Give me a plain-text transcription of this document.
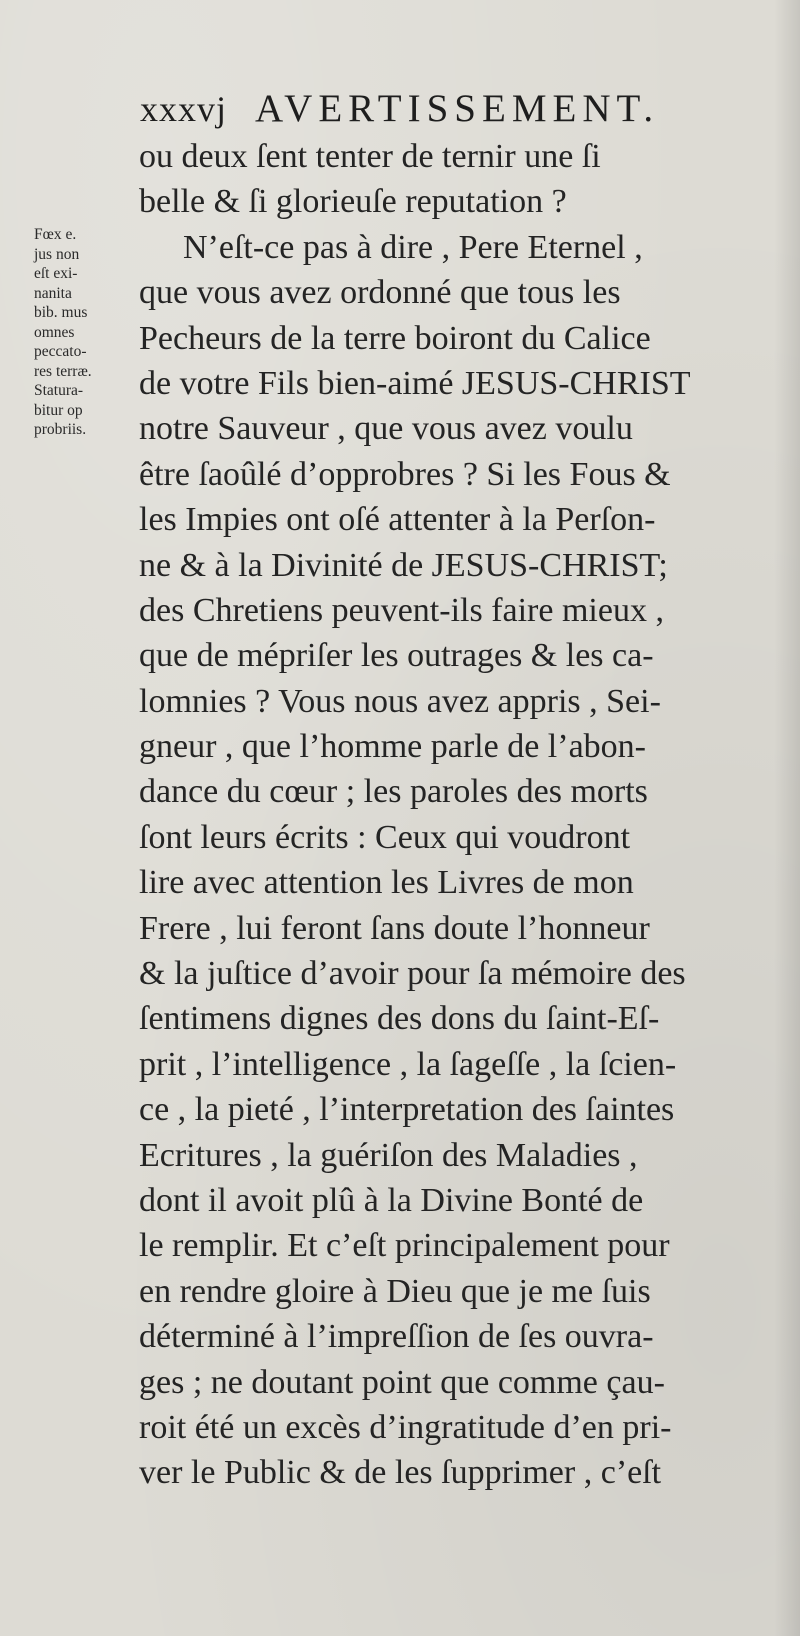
xxxvj AVERTISSEMENT.
Fœx e.
jus non
eſt exi-
nanita
bib. mus
omnes
peccato-
res terræ.
Statura-
bitur op
probriis.
ou deux ſent tenter de ternir une ſi
belle & ſi glorieuſe reputation ?
N’eſt-ce pas à dire , Pere Eternel ,
que vous avez ordonné que tous les
Pecheurs de la terre boiront du Calice
de votre Fils bien-aimé JESUS-CHRIST
notre Sauveur , que vous avez voulu
être ſaoûlé d’opprobres ? Si les Fous &
les Impies ont oſé attenter à la Perſon-
ne & à la Divinité de JESUS-CHRIST;
des Chretiens peuvent-ils faire mieux ,
que de mépriſer les outrages & les ca-
lomnies ? Vous nous avez appris , Sei-
gneur , que l’homme parle de l’abon-
dance du cœur ; les paroles des morts
ſont leurs écrits : Ceux qui voudront
lire avec attention les Livres de mon
Frere , lui feront ſans doute l’honneur
& la juſtice d’avoir pour ſa mémoire des
ſentimens dignes des dons du ſaint-Eſ-
prit , l’intelligence , la ſageſſe , la ſcien-
ce , la pieté , l’interpretation des ſaintes
Ecritures , la guériſon des Maladies ,
dont il avoit plû à la Divine Bonté de
le remplir. Et c’eſt principalement pour
en rendre gloire à Dieu que je me ſuis
déterminé à l’impreſſion de ſes ouvra-
ges ; ne doutant point que comme çau-
roit été un excès d’ingratitude d’en pri-
ver le Public & de les ſupprimer , c’eſt
